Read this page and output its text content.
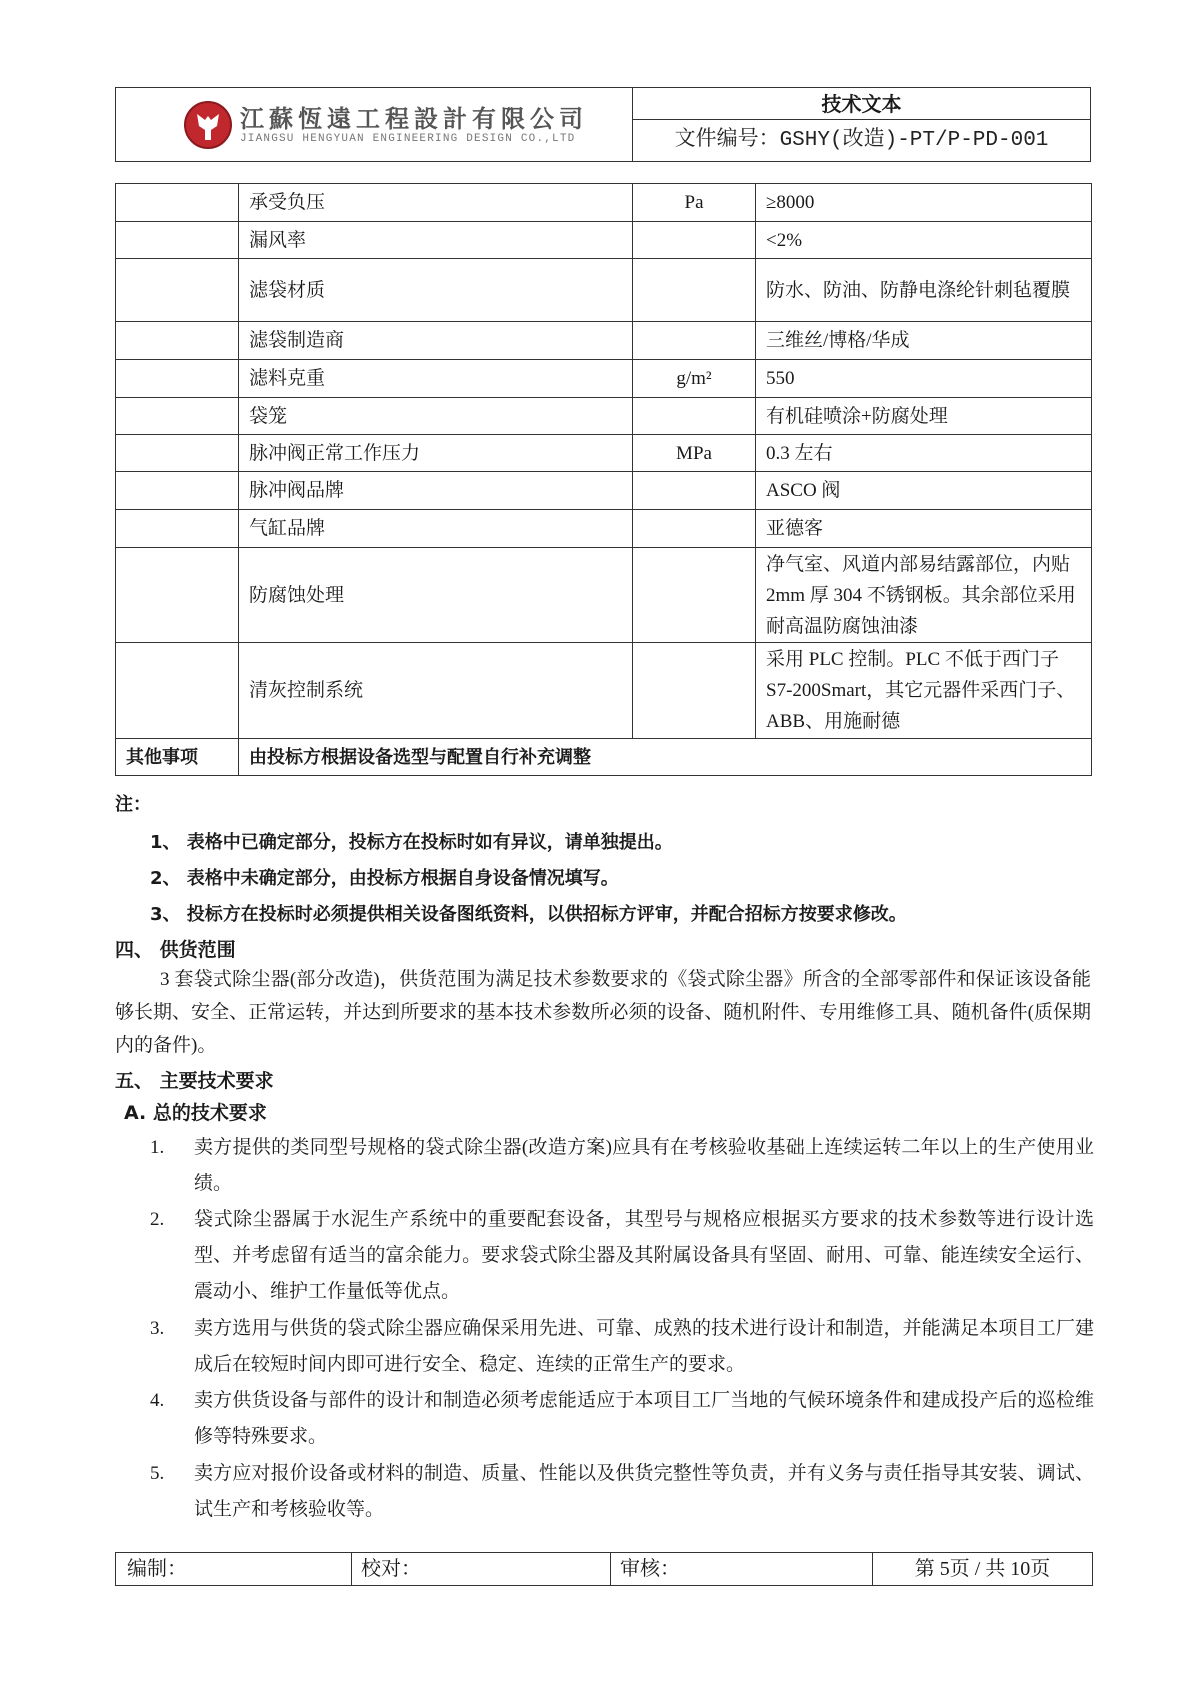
江蘇恆遠工程設計有限公司
JIANGSU HENGYUAN ENGINEERING DESIGN CO.,LTD
技术文本
文件编号：GSHY(改造)-PT/P-PD-001
	承受负压	Pa	≥8000
	漏风率		<2%
	滤袋材质		防水、防油、防静电涤纶针刺毡覆膜
	滤袋制造商		三维丝/博格/华成
	滤料克重	g/m²	550
	袋笼		有机硅喷涂+防腐处理
	脉冲阀正常工作压力	MPa	0.3 左右
	脉冲阀品牌		ASCO 阀
	气缸品牌		亚德客
	防腐蚀处理		净气室、风道内部易结露部位，内贴 2mm 厚 304 不锈钢板。其余部位采用耐高温防腐蚀油漆
	清灰控制系统		采用 PLC 控制。PLC 不低于西门子 S7-200Smart，其它元器件采西门子、ABB、用施耐德
其他事项	由投标方根据设备选型与配置自行补充调整		
注：
1、 表格中已确定部分，投标方在投标时如有异议，请单独提出。
2、 表格中未确定部分，由投标方根据自身设备情况填写。
3、 投标方在投标时必须提供相关设备图纸资料，以供招标方评审，并配合招标方按要求修改。
四、 供货范围
3 套袋式除尘器(部分改造)，供货范围为满足技术参数要求的《袋式除尘器》所含的全部零部件和保证该设备能够长期、安全、正常运转，并达到所要求的基本技术参数所必须的设备、随机附件、专用维修工具、随机备件(质保期内的备件)。
五、 主要技术要求
A. 总的技术要求
1. 卖方提供的类同型号规格的袋式除尘器(改造方案)应具有在考核验收基础上连续运转二年以上的生产使用业绩。
2. 袋式除尘器属于水泥生产系统中的重要配套设备，其型号与规格应根据买方要求的技术参数等进行设计选型、并考虑留有适当的富余能力。要求袋式除尘器及其附属设备具有坚固、耐用、可靠、能连续安全运行、震动小、维护工作量低等优点。
3. 卖方选用与供货的袋式除尘器应确保采用先进、可靠、成熟的技术进行设计和制造，并能满足本项目工厂建成后在较短时间内即可进行安全、稳定、连续的正常生产的要求。
4. 卖方供货设备与部件的设计和制造必须考虑能适应于本项目工厂当地的气候环境条件和建成投产后的巡检维修等特殊要求。
5. 卖方应对报价设备或材料的制造、质量、性能以及供货完整性等负责，并有义务与责任指导其安装、调试、试生产和考核验收等。
编制：	校对：	审核：	第 5页 / 共 10页
